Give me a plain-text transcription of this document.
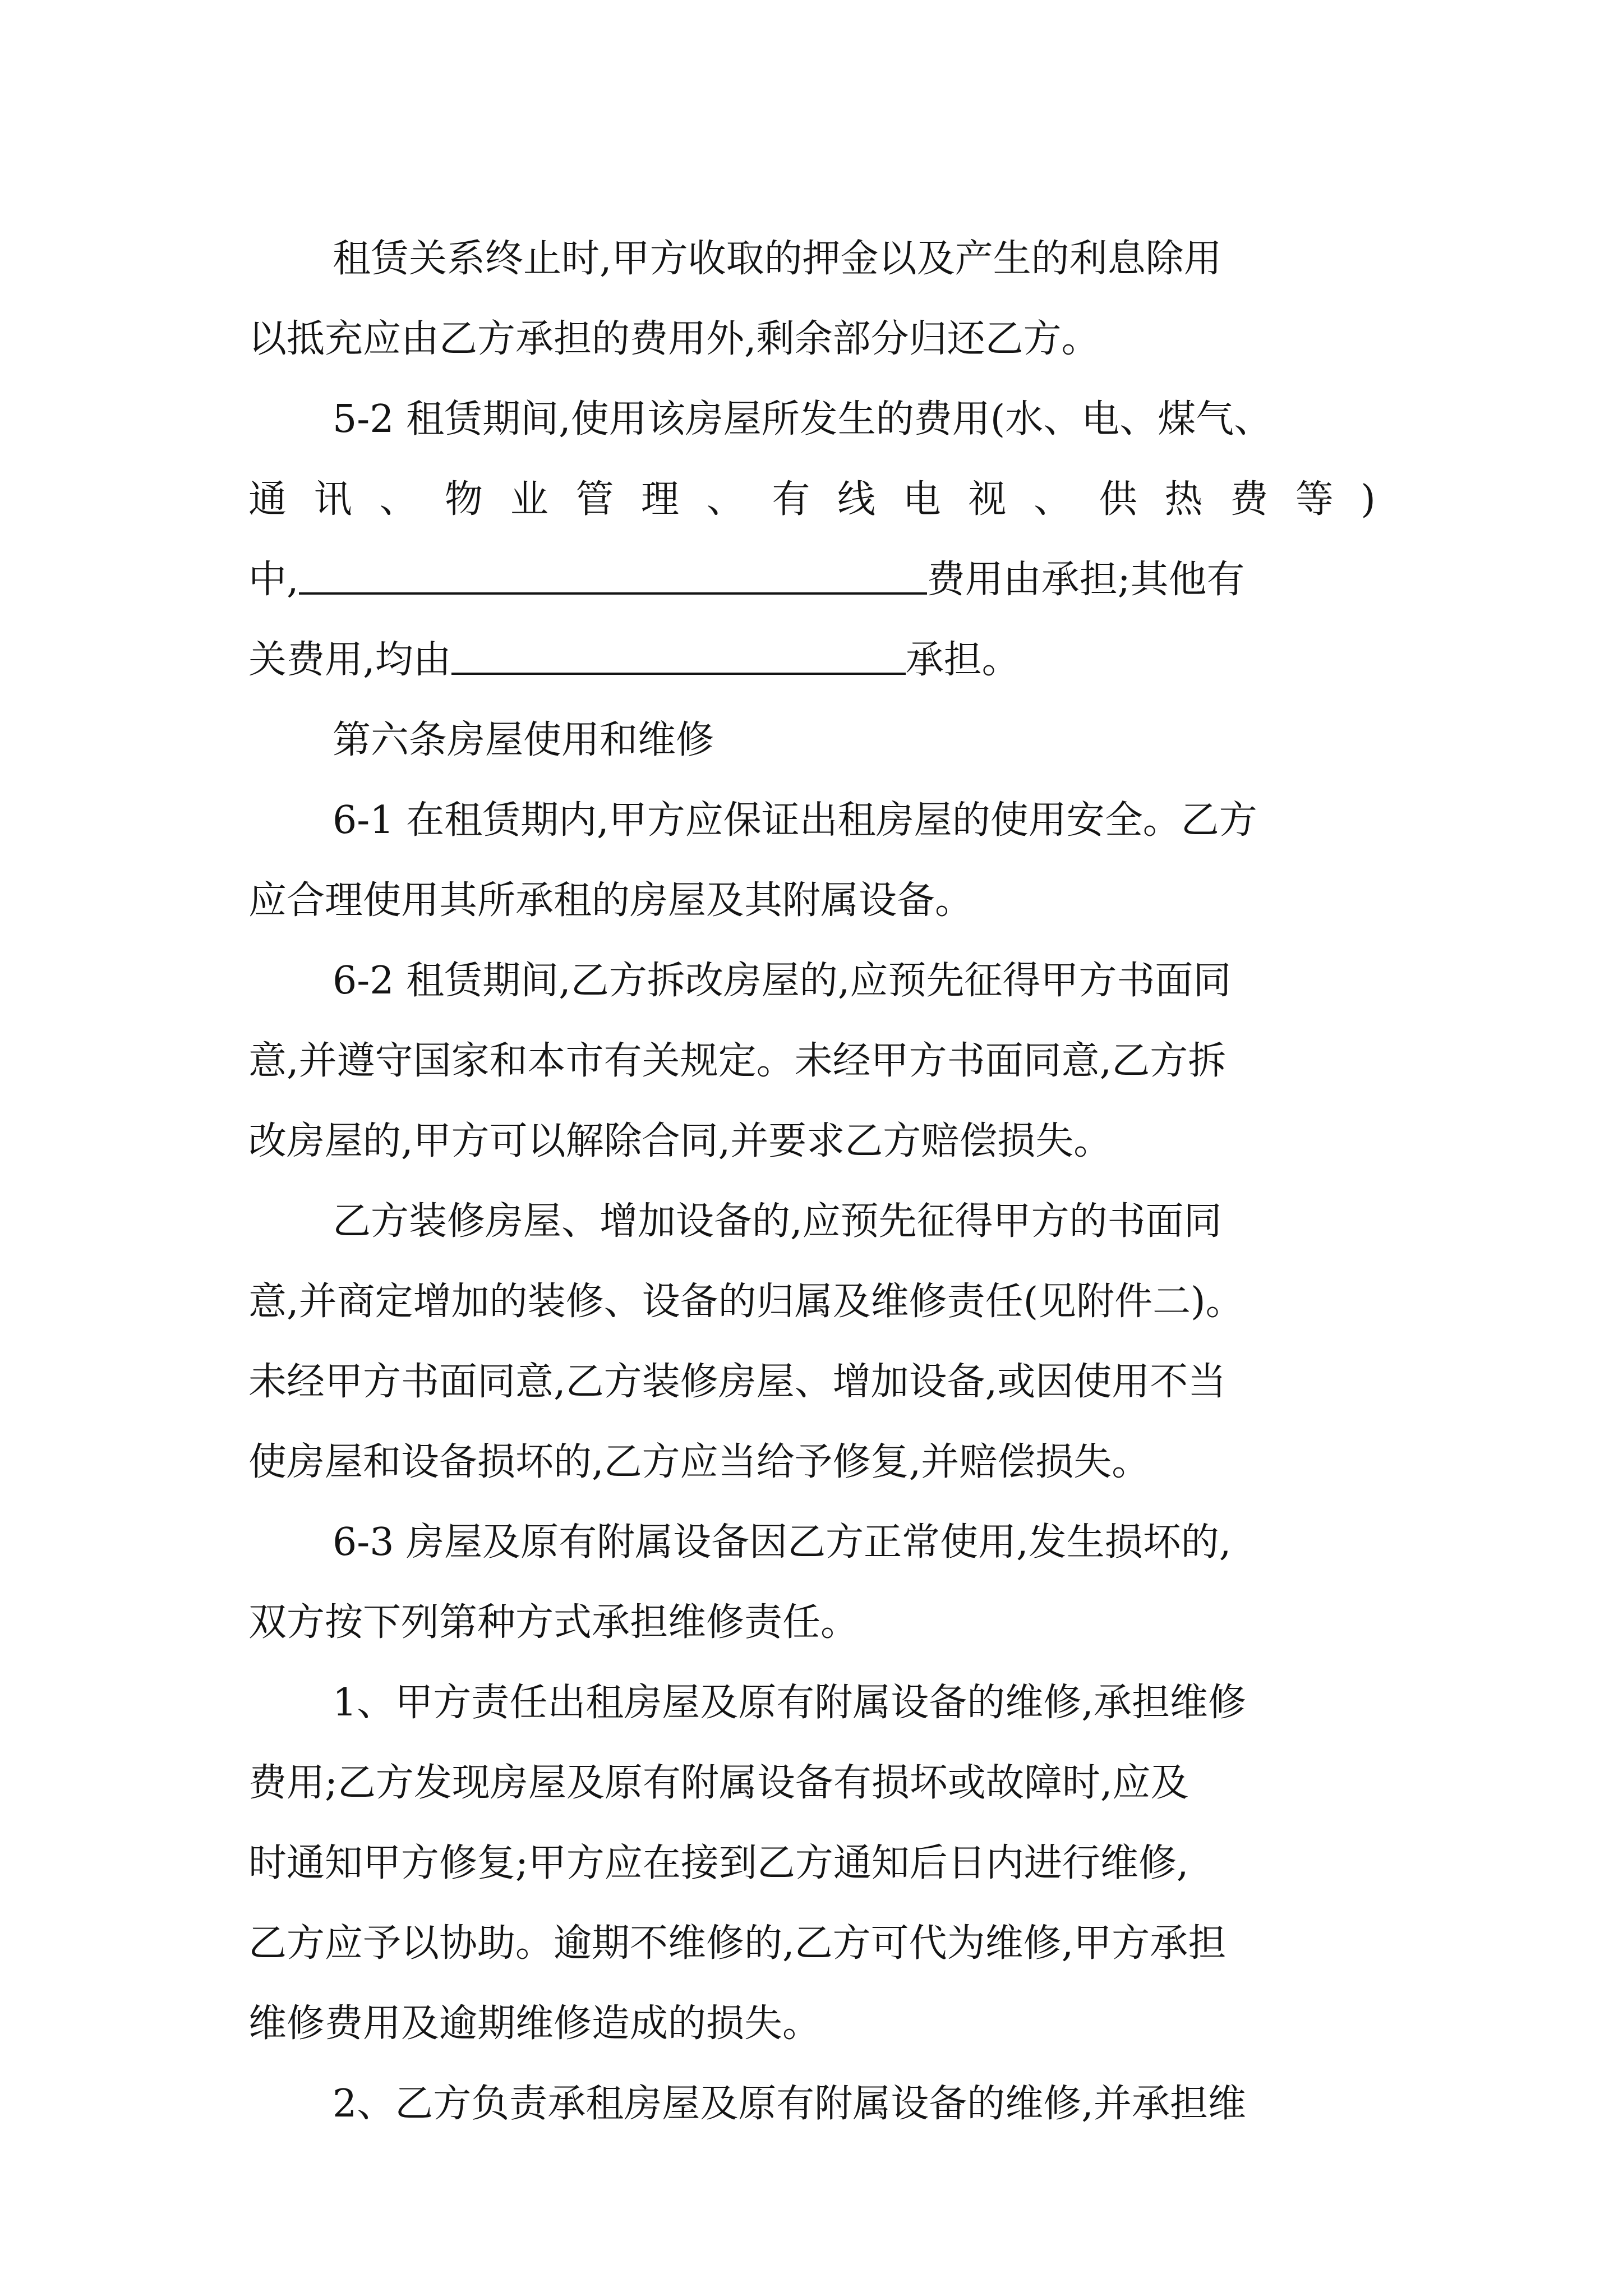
租赁关系终止时,甲方收取的押金以及产生的利息除用
以抵充应由乙方承担的费用外,剩余部分归还乙方。
5-2 租赁期间,使用该房屋所发生的费用(水、电、煤气、
通 讯 、 物 业 管 理 、 有 线 电 视 、 供 热 费 等 )
中,	费用由承担;其他有
关费用,均由	承担。
第六条房屋使用和维修
6-1 在租赁期内,甲方应保证出租房屋的使用安全。乙方
应合理使用其所承租的房屋及其附属设备。
6-2 租赁期间,乙方拆改房屋的,应预先征得甲方书面同
意,并遵守国家和本市有关规定。未经甲方书面同意,乙方拆
改房屋的,甲方可以解除合同,并要求乙方赔偿损失。
乙方装修房屋、增加设备的,应预先征得甲方的书面同
意,并商定增加的装修、设备的归属及维修责任(见附件二)。
未经甲方书面同意,乙方装修房屋、增加设备,或因使用不当
使房屋和设备损坏的,乙方应当给予修复,并赔偿损失。
6-3 房屋及原有附属设备因乙方正常使用,发生损坏的,
双方按下列第种方式承担维修责任。
1、甲方责任出租房屋及原有附属设备的维修,承担维修
费用;乙方发现房屋及原有附属设备有损坏或故障时,应及
时通知甲方修复;甲方应在接到乙方通知后日内进行维修,
乙方应予以协助。逾期不维修的,乙方可代为维修,甲方承担
维修费用及逾期维修造成的损失。
2、乙方负责承租房屋及原有附属设备的维修,并承担维
